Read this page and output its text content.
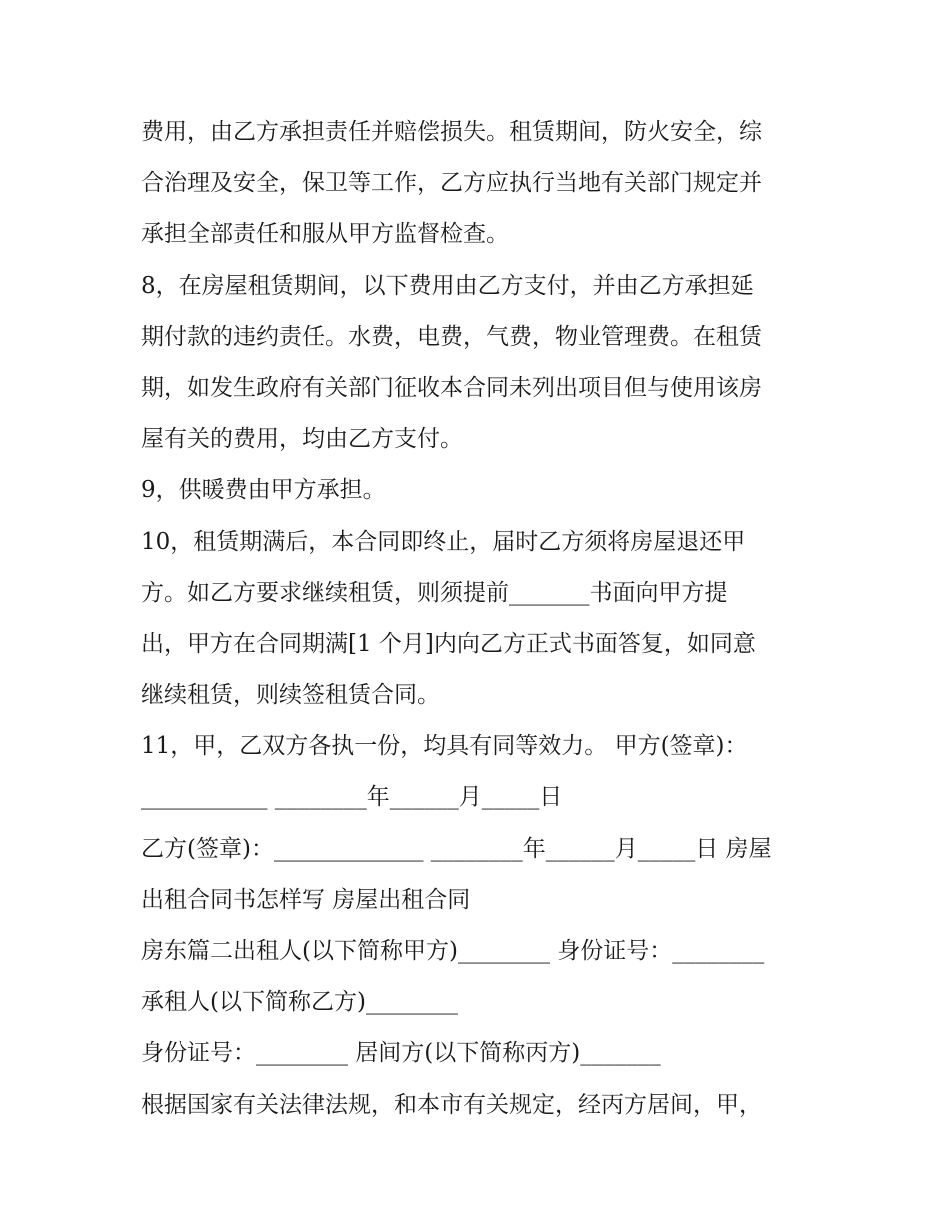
费用，由乙方承担责任并赔偿损失。租赁期间，防火安全，综
合治理及安全，保卫等工作，乙方应执行当地有关部门规定并
承担全部责任和服从甲方监督检查。
8，在房屋租赁期间，以下费用由乙方支付，并由乙方承担延
期付款的违约责任。水费，电费，气费，物业管理费。在租赁
期，如发生政府有关部门征收本合同未列出项目但与使用该房
屋有关的费用，均由乙方支付。
9，供暖费由甲方承担。
10，租赁期满后，本合同即终止，届时乙方须将房屋退还甲
方。如乙方要求继续租赁，则须提前_______书面向甲方提
出，甲方在合同期满[1 个月]内向乙方正式书面答复，如同意
继续租赁，则续签租赁合同。
11，甲，乙双方各执一份，均具有同等效力。 甲方(签章)：
___________ ________年______月_____日
乙方(签章)：_____________ ________年______月_____日 房屋
出租合同书怎样写 房屋出租合同
房东篇二出租人(以下简称甲方)________ 身份证号：________
承租人(以下简称乙方)________
身份证号：________ 居间方(以下简称丙方)_______
根据国家有关法律法规，和本市有关规定，经丙方居间，甲，
